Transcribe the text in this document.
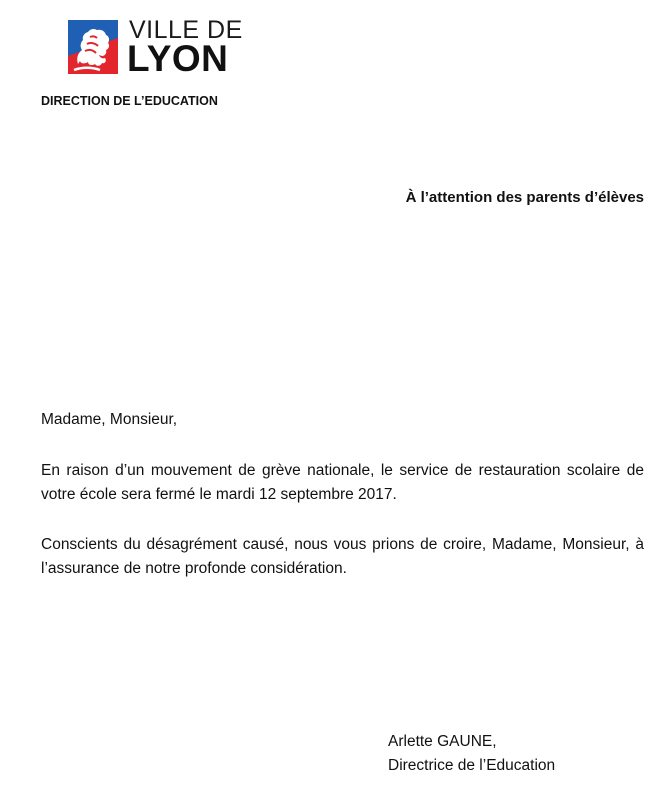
VILLE DE
LYON
DIRECTION DE L’EDUCATION
À l’attention des parents d’élèves
Madame, Monsieur,
En raison d’un mouvement de grève nationale, le service de restauration scolaire de votre école sera fermé le mardi 12 septembre 2017.
Conscients du désagrément causé, nous vous prions de croire, Madame, Monsieur, à l’assurance de notre profonde considération.
Arlette GAUNE,
Directrice de l’Education
